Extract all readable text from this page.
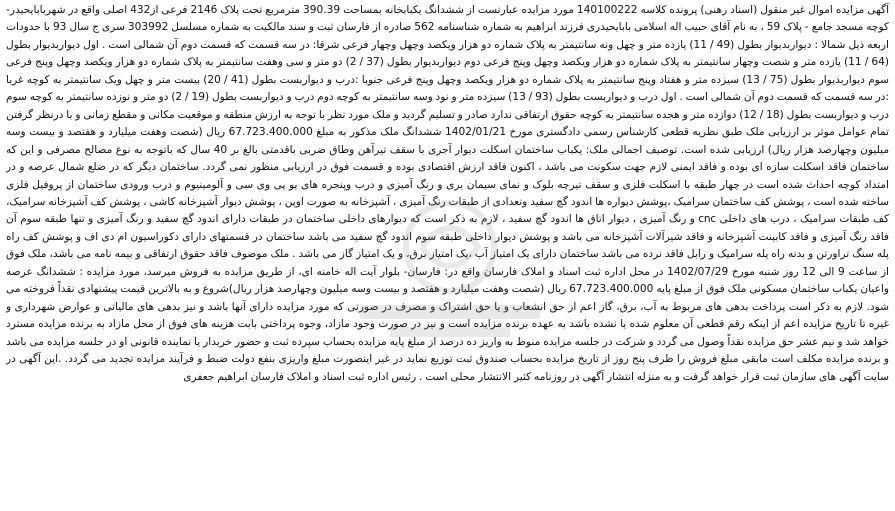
آگهی مزایده اموال غیر منقول (اسناد رهنی) پرونده کلاسه 140100222 مورد مزایده عبارتست از ششدانگ یکبابخانه بمساحت 390.39 مترمربع تحت پلاک 2146 فرعی از432 اصلی واقع در شهربابایحیدر-کوچه مسجد جامع - پلاک 59 ، به نام آقای حبیب اله اسلامی بابایحیدری فرزند ابراهیم به شماره شناسنامه 562 صادره از فارسان ثبت و سند مالکیت به شماره مسلسل 303992 سری ج سال 93 با حدودات اربعه ذیل شمالا : دیواربدیوار بطول (49 / 11) یازده متر و چهل ونه سانتیمتر به پلاک شماره دو هزار ویکصد وچهل وچهار فرعی شرقا: در سه قسمت که قسمت دوم آن شمالی است . اول دیواربدیوار بطول (64 / 11) یازده متر و شصت وچهار سانتیمتر به پلاک شماره دو هزار ویکصد وچهل وپنج فرعی دوم دیواربدیوار بطول (37 / 2) دو متر و سی وهفت سانتیمتر به پلاک شماره دو هزار ویکصد وچهل وپنج فرعی سوم دیواربدیوار بطول (75 / 13) سیزده متر و هفتاد وپنج سانتیمتر به پلاک شماره دو هزار ویکصد وچهل وپنج فرعی جنوبا :درب و دیواربست بطول (41 / 20) بیست متر و چهل ویک سانتیمتر به کوچه غربا :در سه قسمت که قسمت دوم آن شمالی است . اول درب و دیواربست بطول (93 / 13) سیزده متر و نود وسه سانتیمتر به کوچه دوم درب و دیواربست بطول (19 / 2) دو متر و نوزده سانتیمتر به کوچه سوم درب و دیواربست بطول (18 / 12) دوازده متر و هجده سانتیمتر به کوچه حقوق ارتفاقی ندارد صادر و تسلیم گردید و ملک مورد نظر با توجه به ارزش منطقه و موقعیت مکانی و مقطع زمانی و با درنظر گرفتن تمام عوامل موثر بر ارزیابی ملک طبق نظریه قطعی کارشناس رسمی دادگستری مورخ 1402/01/21 ششدانگ ملک مذکور به مبلغ 67.723.400.000 ریال (شصت وهفت میلیارد و هفتصد و بیست وسه میلیون وچهارصد هزار ریال) ارزیابی شده است. توصیف اجمالی ملک: یکباب ساختمان اسکلت دیوار آجری با سقف تیرآهن وطاق ضربی باقدمتی بالغ بر 40 سال که باتوجه به نوع مصالح مصرفی و این که ساختمان فاقد اسکلت سازه ای بوده و فاقد ایمنی لازم جهت سکونت می باشد ، اکنون فاقد ارزش اقتصادی بوده و قسمت فوق در ارزیابی منظور نمی گردد. ساختمان دیگر که در ضلع شمال عرصه و در امتداد کوچه احداث شده است در چهار طبقه با اسکلت فلزی و سقف تیرچه بلوک و نمای سیمان بری و رنگ آمیزی و درب وپنجره های یو پی وی سی و آلومینیوم و درب ورودی ساختمان از پروفیل فلزی ساخته شده است ، پوشش کف ساختمان سرامیک ،پوشش دیواره ها اندود گچ سفید وتعدادی از طبقات رنگ آمیزی ، آشپزخانه به صورت اوپن ، پوشش دیوار آشپزخانه کاشی ، پوشش کف آشپزخانه سرامیک، کف طبقات سرامیک ، درب های داخلی cnc و رنگ آمیزی ، دیوار اتاق ها اندود گچ سفید ، لازم به ذکر است که دیوارهای داخلی ساختمان در طبقات دارای اندود گچ سفید و رنگ آمیزی و تنها طبقه سوم آن فاقد رنگ آمیزی و فاقد کابینت آشپزخانه و فاقد شیرآلات آشپزخانه می باشد و پوشش دیوار داخلی طبقه سوم اندود گچ سفید می باشد ساختمان در قسمتهای دارای دکوراسیون ام دی اف و پوشش کف راه پله سنگ تراورتن و بدنه راه پله سرامیک و رابل فاقد نرده می باشد ساختمان دارای یک امتیاز آب ،یک امتیاز برق، و یک امتیاز گاز می باشد . ملک موصوف فاقد حقوق ارتفاقی و بیمه نامه می باشد، ملک فوق از ساعت 9 الی 12 روز شنبه مورخ 1402/07/29 در محل اداره ثبت اسناد و املاک فارسان واقع در: فارسان- بلوار آیت اله خامنه ای، از طریق مزایده به فروش میرسد، مورد مزایده : ششدانگ عرصه واعیان یکباب ساختمان مسکونی ملک فوق از مبلغ پایه 67.723.400.000 ریال (شصت وهفت میلیارد و هفتصد و بیست وسه میلیون وچهارصد هزار ریال)شروع و به بالاترین قیمت پیشنهادی نقداً فروخته می شود. لازم به ذکر است پرداخت بدهی های مربوط به آب، برق، گاز اعم از حق انشعاب و یا حق اشتراک و مصرف در صورتی که مورد مزایده دارای آنها باشد و نیز بدهی های مالیاتی و عوارض شهرداری و غیره تا تاریخ مزایده اعم از اینکه رقم قطعی آن معلوم شده یا نشده باشد به عهده برنده مزایده است و نیز در صورت وجود مازاد، وجوه پرداختی بابت هزینه های فوق از محل مازاد به برنده مزایده مسترد خواهد شد و نیم عشر حق مزایده نقداً وصول می گردد و شرکت در جلسه مزایده منوط به واریز ده درصد از مبلغ پایه مزایده بحساب سپرده ثبت و حضور خریدار یا نماینده قانونی او در جلسه مزایده می باشد و برنده مزایده مکلف است مابقی مبلغ فروش را ظرف پنج روز از تاریخ مزایده بحساب صندوق ثبت توزیع نماید در غیر اینصورت مبلغ واریزی بنفع دولت ضبط و فرآیند مزایده تجدید می گردد. .این آگهی در سایت آگهی های سازمان ثبت قرار خواهد گرفت و به منزله انتشار آگهی در روزنامه کثیر الانتشار محلی است . رئیس اداره ثبت اسناد و املاک فارسان ابراهیم جعفری
